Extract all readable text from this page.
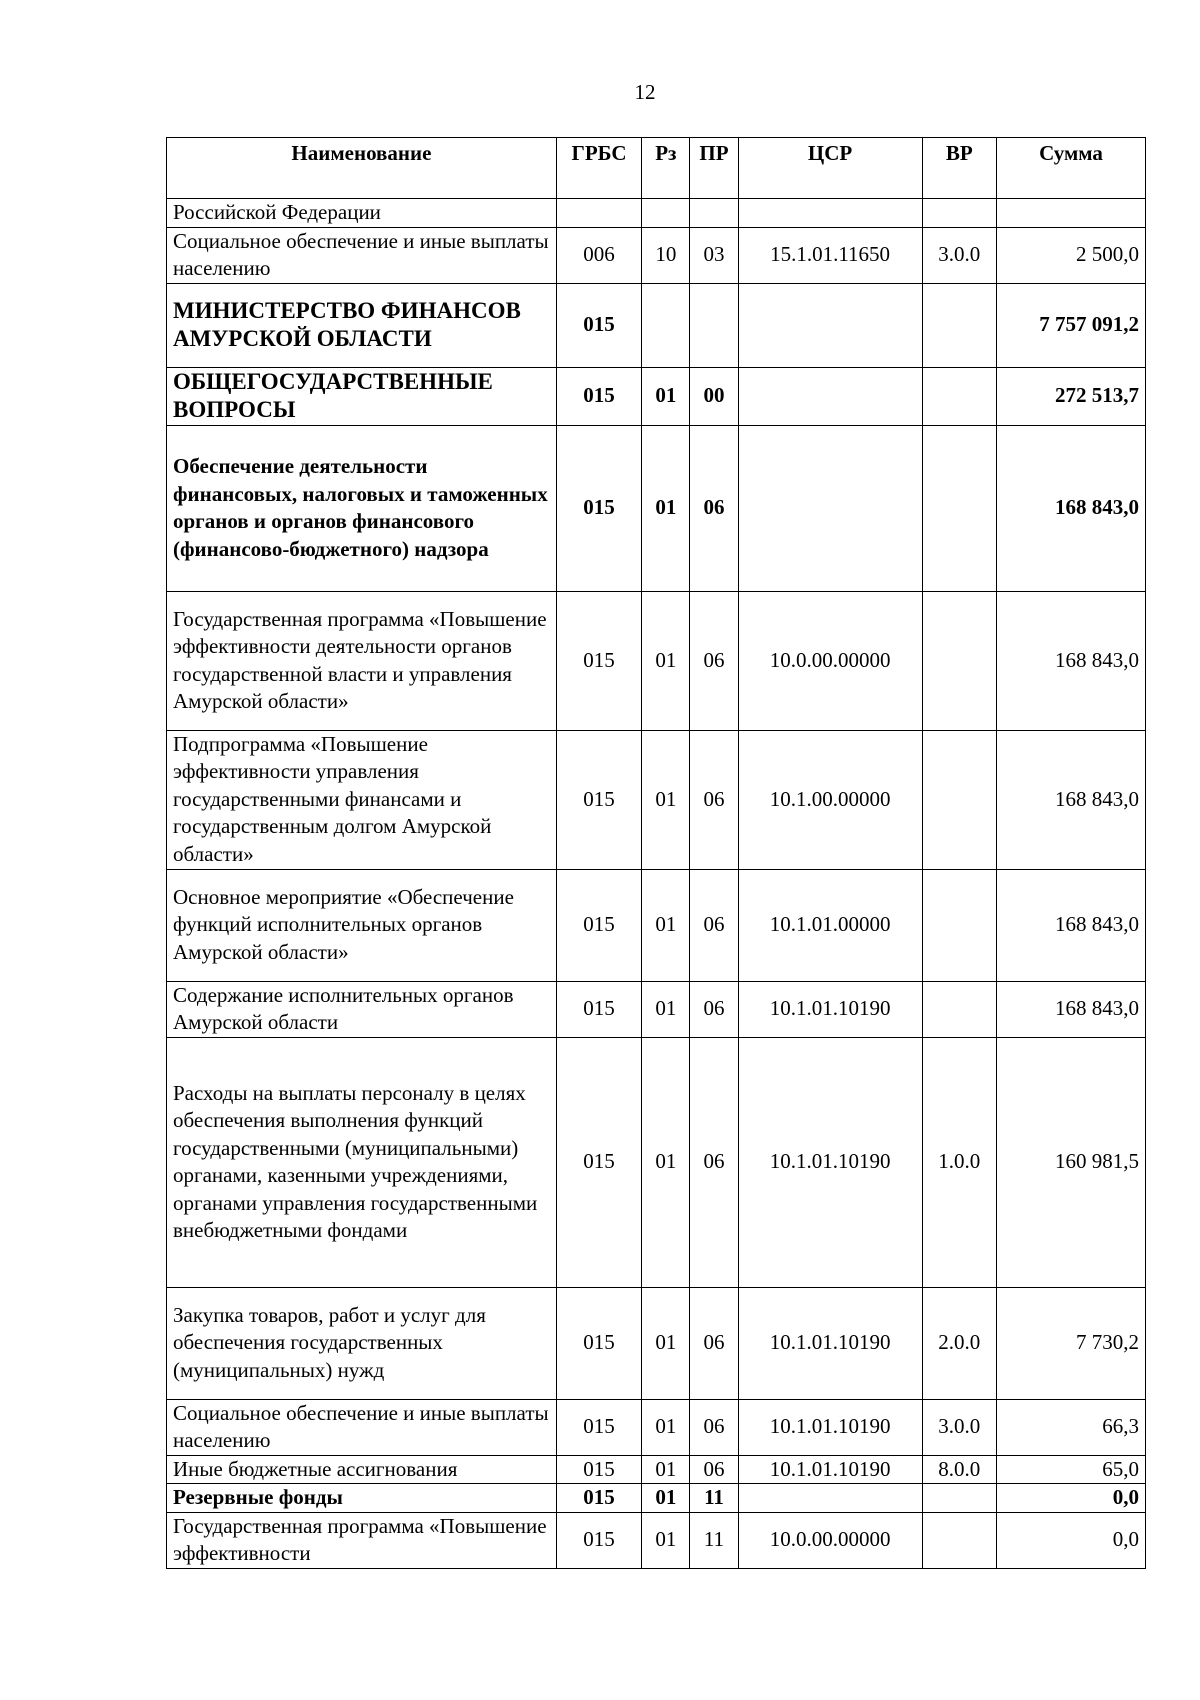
12
Наименование	ГРБС	Рз	ПР	ЦСР	ВР	Сумма
Российской Федерации						
Социальное обеспечение и иные выплаты населению	006	10	03	15.1.01.11650	3.0.0	2 500,0
МИНИСТЕРСТВО ФИНАНСОВ АМУРСКОЙ ОБЛАСТИ	015					7 757 091,2
ОБЩЕГОСУДАРСТВЕННЫЕ ВОПРОСЫ	015	01	00			272 513,7
Обеспечение деятельности финансовых, налоговых и таможенных органов и органов финансового (финансово-бюджетного) надзора	015	01	06			168 843,0
Государственная программа «Повышение эффективности деятельности органов государственной власти и управления Амурской области»	015	01	06	10.0.00.00000		168 843,0
Подпрограмма «Повышение эффективности управления государственными финансами и государственным долгом Амурской области»	015	01	06	10.1.00.00000		168 843,0
Основное мероприятие «Обеспечение функций исполнительных органов Амурской области»	015	01	06	10.1.01.00000		168 843,0
Содержание исполнительных органов Амурской области	015	01	06	10.1.01.10190		168 843,0
Расходы на выплаты персоналу в целях обеспечения выполнения функций государственными (муниципальными) органами, казенными учреждениями, органами управления государственными внебюджетными фондами	015	01	06	10.1.01.10190	1.0.0	160 981,5
Закупка товаров, работ и услуг для обеспечения государственных (муниципальных) нужд	015	01	06	10.1.01.10190	2.0.0	7 730,2
Социальное обеспечение и иные выплаты населению	015	01	06	10.1.01.10190	3.0.0	66,3
Иные бюджетные ассигнования	015	01	06	10.1.01.10190	8.0.0	65,0
Резервные фонды	015	01	11			0,0
Государственная программа «Повышение эффективности	015	01	11	10.0.00.00000		0,0
